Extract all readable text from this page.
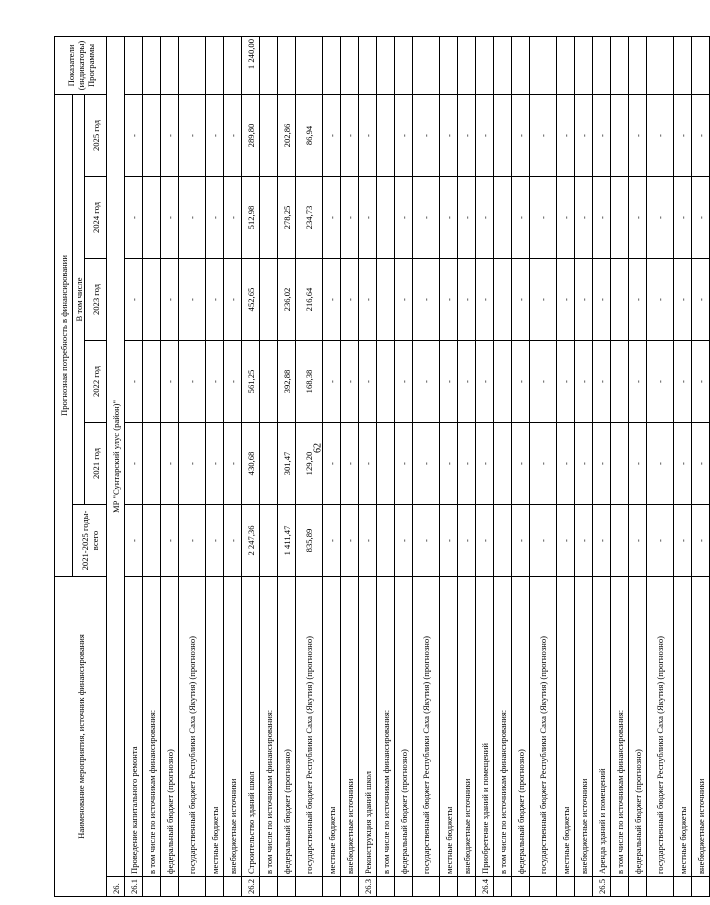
62
Наименование мероприятия, источник финансирования		Прогнозная потребность в финансировании						Показатели (индикаторы) Программы
		2021-2025 годы- всего	В том числе					
			2021 год	2022 год	2023 год	2024 год	2025 год	
26.	МР "Сунтарский улус (район)"							
26.1	Проведение капитального ремонта	-	-	-	-	-	-	
	в том числе по источникам финансирования:							
	федеральный бюджет (прогнозно)	-	-	-	-	-	-	
	государственный бюджет Республики Саха (Якутия) (прогнозно)	-	-	-	-	-	-	
	местные бюджеты	-	-	-	-	-	-	
	внебюджетные источники	-	-	-	-	-	-	
26.2	Строительство зданий школ	2 247,36	430,68	561,25	452,65	512,98	289,80	1 240,00
	в том числе по источникам финансирования:							
	федеральный бюджет (прогнозно)	1 411,47	301,47	392,88	236,02	278,25	202,86	
	государственный бюджет Республики Саха (Якутия) (прогнозно)	835,89	129,20	168,38	216,64	234,73	86,94	
	местные бюджеты	-	-	-	-	-	-	
	внебюджетные источники	-	-	-	-	-	-	
26.3	Реконструкция зданий школ	-	-	-	-	-	-	
	в том числе по источникам финансирования:							
	федеральный бюджет (прогнозно)	-	-	-	-	-	-	
	государственный бюджет Республики Саха (Якутия) (прогнозно)	-	-	-	-	-	-	
	местные бюджеты	-	-	-	-	-	-	
	внебюджетные источники	-	-	-	-	-	-	
26.4	Приобретение зданий и помещений	-	-	-	-	-	-	
	в том числе по источникам финансирования:							
	федеральный бюджет (прогнозно)	-	-	-	-	-	-	
	государственный бюджет Республики Саха (Якутия) (прогнозно)	-	-	-	-	-	-	
	местные бюджеты	-	-	-	-	-	-	
	внебюджетные источники	-	-	-	-	-	-	
26.5	Аренда зданий и помещений	-	-	-	-	-	-	
	в том числе по источникам финансирования:							
	федеральный бюджет (прогнозно)	-	-	-	-	-	-	
	государственный бюджет Республики Саха (Якутия) (прогнозно)	-	-	-	-	-	-	
	местные бюджеты	-	-	-	-	-	-	
	внебюджетные источники	-	-	-	-	-	-	
